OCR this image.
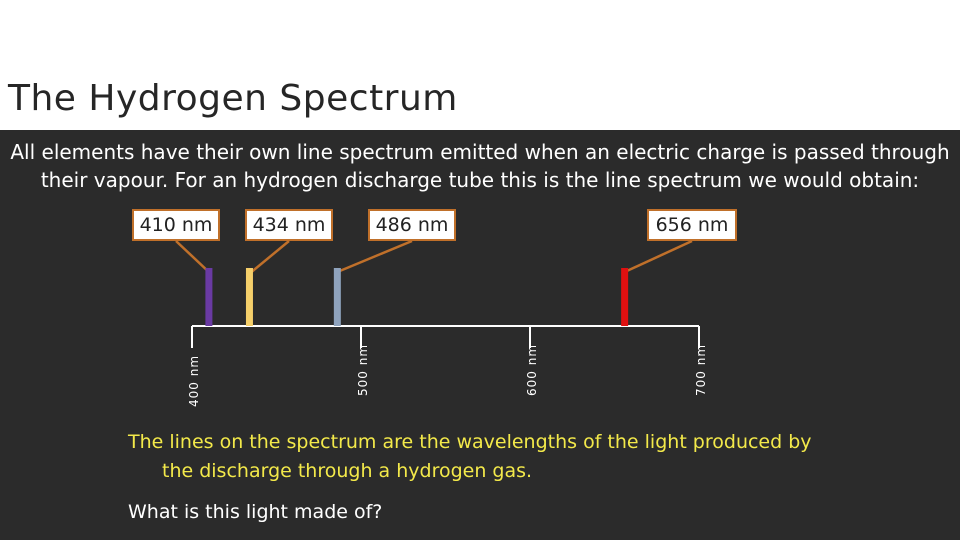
The Hydrogen Spectrum
All elements have their own line spectrum emitted when an electric charge is passed through their vapour. For an hydrogen discharge tube this is the line spectrum we would obtain:
410 nm	434 nm	486 nm	656 nm
400 nm	500 nm	600 nm	700 nm
The lines on the spectrum are the wavelengths of the light produced by
the discharge through a hydrogen gas.
What is this light made of?
